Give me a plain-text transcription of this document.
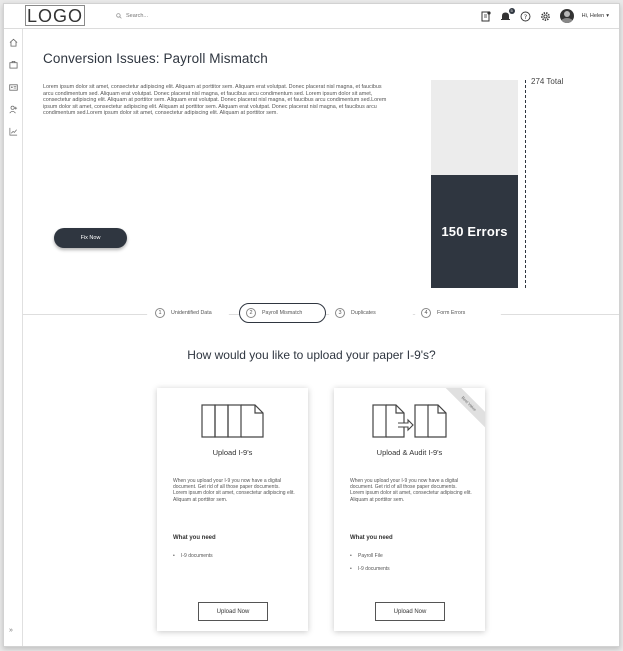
LOGO
Search...	5
?	Hi, Helen ▾
»
Conversion Issues: Payroll Mismatch

Lorem ipsum dolor sit amet, consectetur adipiscing elit. Aliquam at porttitor sem. Aliquam erat volutpat. Donec placerat nisl magna, et faucibus arcu condimentum sed. Aliquam erat volutpat. Donec placerat nisl magna, et faucibus arcu condimentum sed. Lorem ipsum dolor sit amet, consectetur adipiscing elit. Aliquam at porttitor sem. Aliquam erat volutpat. Donec placerat nisl magna, et faucibus arcu condimentum sed.Lorem ipsum dolor sit amet, consectetur adipiscing elit. Aliquam at porttitor sem. Aliquam erat volutpat. Donec placerat nisl magna, et faucibus arcu condimentum sed.Lorem ipsum dolor sit amet, consectetur adipiscing elit. Aliquam at porttitor sem.

Fix Now	150 Errors
274 Total
1	Unidentified Data	2	Payroll Mismatch	3	Duplicates	4	Form Errors
How would you like to upload your paper I-9's?
Upload I-9's

When you upload your I-9 you now have a digital document. Get rid of all those paper documents. Lorem ipsum dolor sit amet, consectetur adipiscing elit. Aliquam at porttitor sem.

What you need
• I-9 documents
Upload Now
Best Value
Upload & Audit I-9's

When you upload your I-9 you now have a digital document. Get rid of all those paper documents. Lorem ipsum dolor sit amet, consectetur adipiscing elit. Aliquam at porttitor sem.

What you need
• Payroll File
• I-9 documents
Upload Now
